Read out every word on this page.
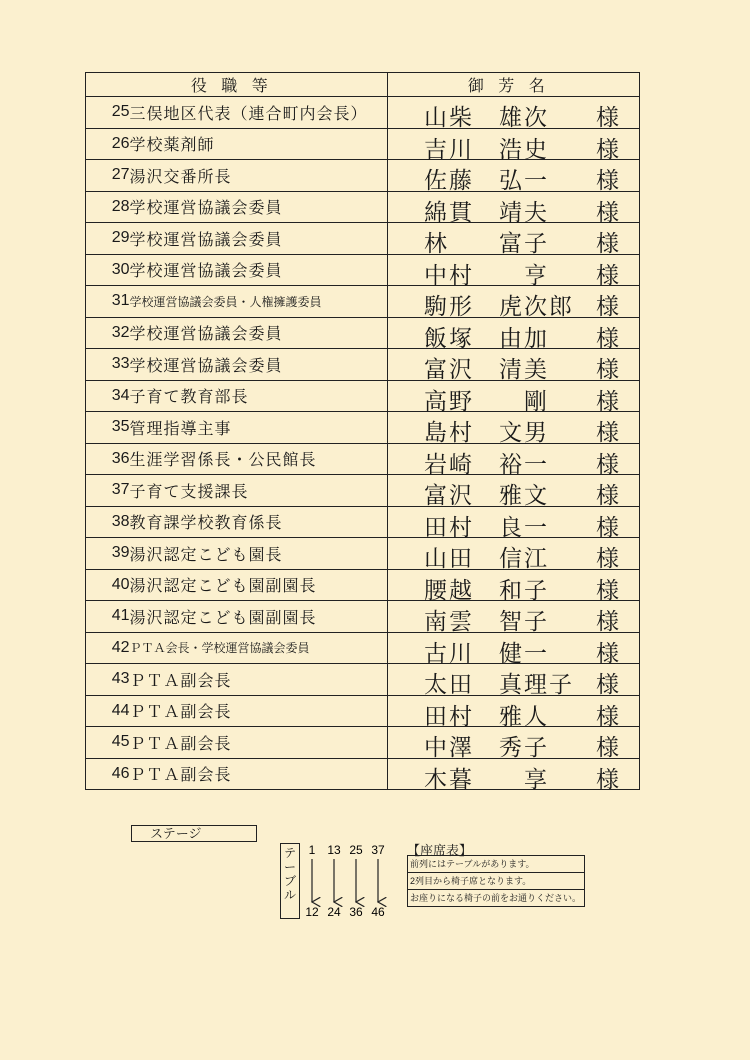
役職等		御芳名
25	三俣地区代表（連合町内会長）	山柴　雄次 様

26	学校薬剤師	吉川　浩史 様

27	湯沢交番所長	佐藤　弘一 様

28	学校運営協議会委員	綿貫　靖夫 様

29	学校運営協議会委員	林　　富子 様

30	学校運営協議会委員	中村　　亨 様

31	学校運営協議会委員・人権擁護委員	駒形　虎次郎 様

32	学校運営協議会委員	飯塚　由加 様

33	学校運営協議会委員	富沢　清美 様

34	子育て教育部長	高野　　剛 様

35	管理指導主事	島村　文男 様

36	生涯学習係長・公民館長	岩崎　裕一 様

37	子育て支援課長	富沢　雅文 様

38	教育課学校教育係長	田村　良一 様

39	湯沢認定こども園長	山田　信江 様

40	湯沢認定こども園副園長	腰越　和子 様

41	湯沢認定こども園副園長	南雲　智子 様

42	ＰＴＡ会長・学校運営協議会委員	古川　健一 様

43	ＰＴＡ副会長	太田　真理子 様

44	ＰＴＡ副会長	田村　雅人 様

45	ＰＴＡ副会長	中澤　秀子 様

46	ＰＴＡ副会長	木暮　　享 様
ステージ
テ
ー
ブ
ル
1
12
13
24
25
36
37
46
【座席表】
前列にはテーブルがあります。
2列目から椅子席となります。
お座りになる椅子の前をお通りください。
